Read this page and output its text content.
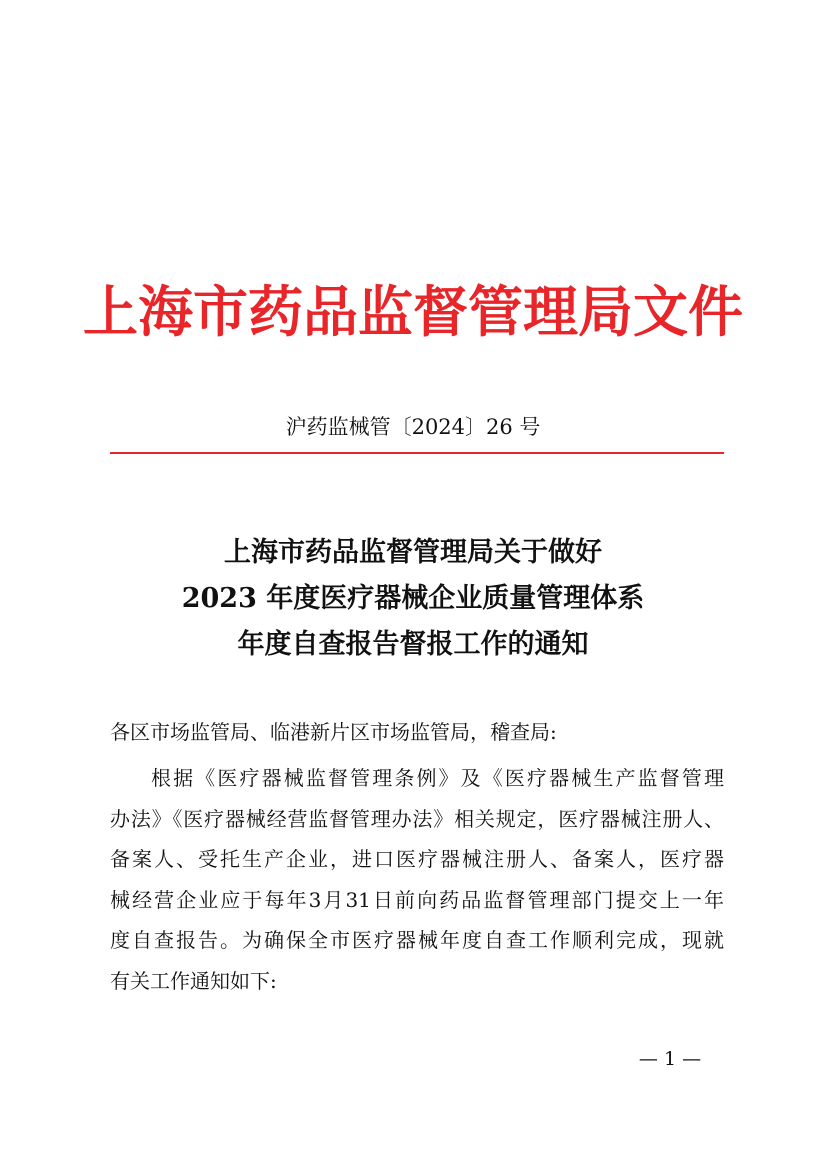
上海市药品监督管理局文件
沪药监械管〔2024〕26 号
上海市药品监督管理局关于做好
2023 年度医疗器械企业质量管理体系
年度自查报告督报工作的通知
各区市场监管局、临港新片区市场监管局，稽查局:
根据《医疗器械监督管理条例》及《医疗器械生产监督管理
办法》《医疗器械经营监督管理办法》相关规定，医疗器械注册人、
备案人、受托生产企业，进口医疗器械注册人、备案人，医疗器
械经营企业应于每年3月31日前向药品监督管理部门提交上一年
度自查报告。为确保全市医疗器械年度自查工作顺利完成，现就
有关工作通知如下:
— 1 —
